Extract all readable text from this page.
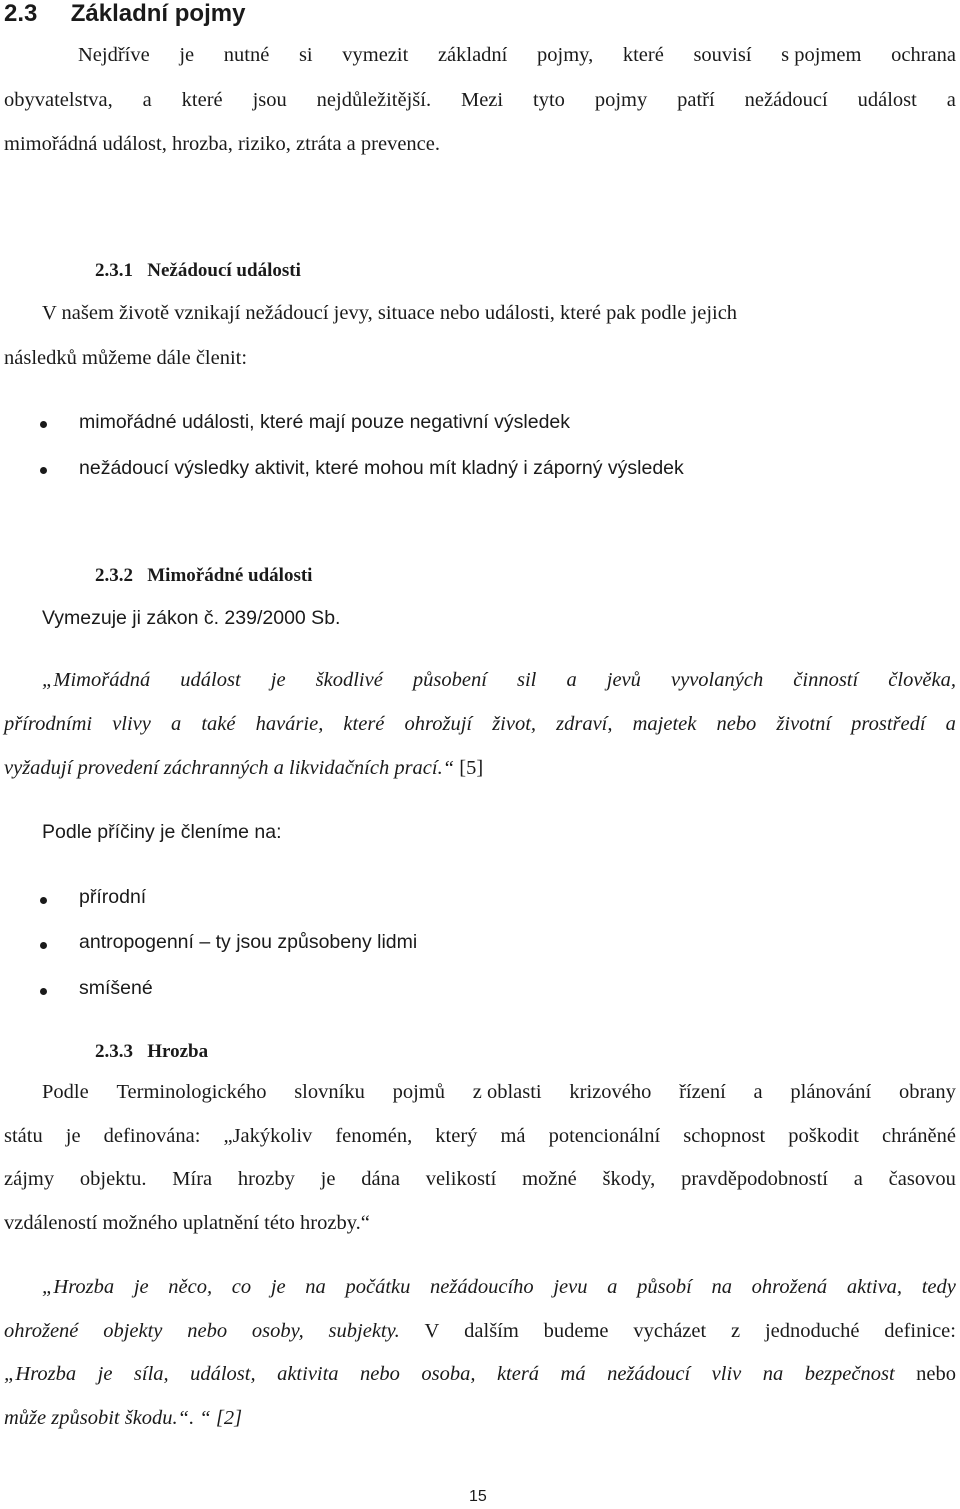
2.3 Základní pojmy
Nejdříve je nutné si vymezit základní pojmy, které souvisí s pojmem ochrana
obyvatelstva, a které jsou nejdůležitější. Mezi tyto pojmy patří nežádoucí událost a
mimořádná událost, hrozba, riziko, ztráta a prevence.
2.3.1 Nežádoucí události
V našem životě vznikají nežádoucí jevy, situace nebo události, které pak podle jejich
následků můžeme dále členit:
mimořádné události, které mají pouze negativní výsledek
nežádoucí výsledky aktivit, které mohou mít kladný i záporný výsledek
2.3.2 Mimořádné události
Vymezuje ji zákon č. 239/2000 Sb.
„Mimořádná událost je škodlivé působení sil a jevů vyvolaných činností člověka,
přírodními vlivy a také havárie, které ohrožují život, zdraví, majetek nebo životní prostředí a
vyžadují provedení záchranných a likvidačních prací.“ [5]
Podle příčiny je členíme na:
přírodní
antropogenní – ty jsou způsobeny lidmi
smíšené
2.3.3 Hrozba
Podle Terminologického slovníku pojmů z oblasti krizového řízení a plánování obrany
státu je definována: „Jakýkoliv fenomén, který má potencionální schopnost poškodit chráněné
zájmy objektu. Míra hrozby je dána velikostí možné škody, pravděpodobností a časovou
vzdáleností možného uplatnění této hrozby.“
„Hrozba je něco, co je na počátku nežádoucího jevu a působí na ohrožená aktiva, tedy
ohrožené objekty nebo osoby, subjekty. V dalším budeme vycházet z jednoduché definice:
„Hrozba je síla, událost, aktivita nebo osoba, která má nežádoucí vliv na bezpečnost nebo
může způsobit škodu.“. “ [2]
15
